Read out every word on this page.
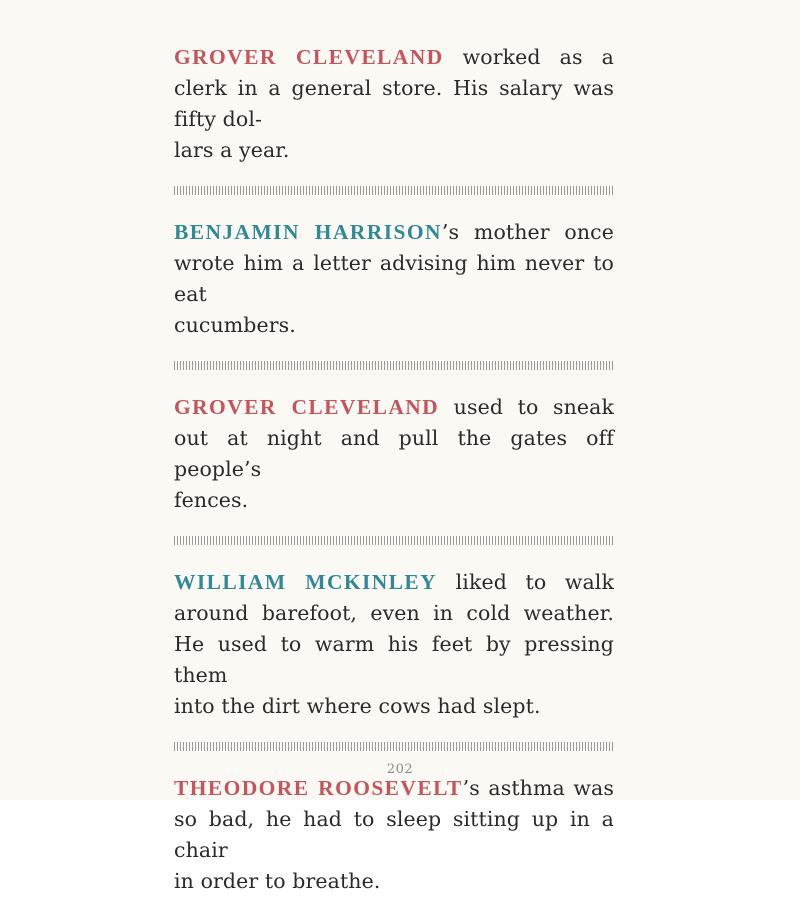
GROVER CLEVELAND worked as a clerk in a general store. His salary was fifty dol-
lars a year.

BENJAMIN HARRISON’s mother once wrote him a letter advising him never to eat
cucumbers.

GROVER CLEVELAND used to sneak out at night and pull the gates off people’s
fences.

WILLIAM MCKINLEY liked to walk around barefoot, even in cold weather. He used to warm his feet by pressing them
into the dirt where cows had slept.

THEODORE ROOSEVELT’s asthma was so bad, he had to sleep sitting up in a chair
in order to breathe.

202
